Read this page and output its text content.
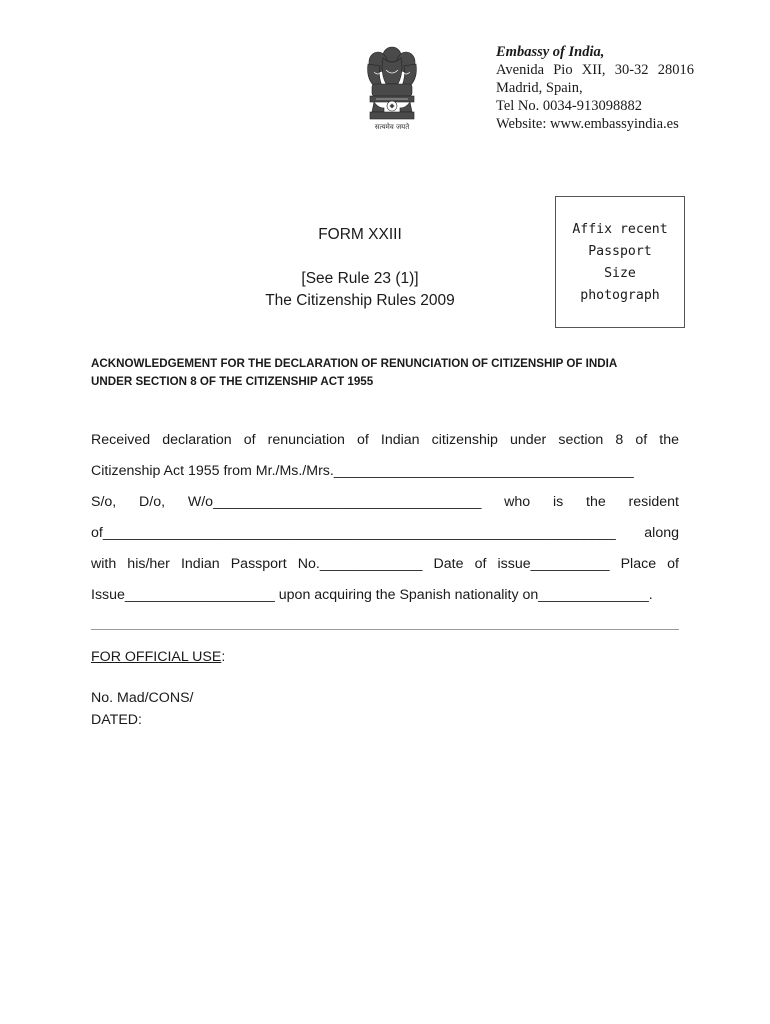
सत्यमेव जयते
Embassy of India,
Avenida Pio XII, 30-32 28016
Madrid, Spain,
Tel No. 0034-913098882
Website: www.embassyindia.es
FORM XXIII
[See Rule 23 (1)]
The Citizenship Rules 2009
Affix recent
Passport
Size
photograph
ACKNOWLEDGEMENT FOR THE DECLARATION OF RENUNCIATION OF CITIZENSHIP OF INDIA
UNDER SECTION 8 OF THE CITIZENSHIP ACT 1955
Received declaration of renunciation of Indian citizenship under section 8 of the
Citizenship Act 1955 from Mr./Ms./Mrs.______________________________________
S/o, D/o, W/o__________________________________ who is the resident
of_________________________________________________________________ along
with his/her Indian Passport No._____________ Date of issue__________ Place of
Issue___________________ upon acquiring the Spanish nationality on______________.
FOR OFFICIAL USE:
No. Mad/CONS/
DATED:
